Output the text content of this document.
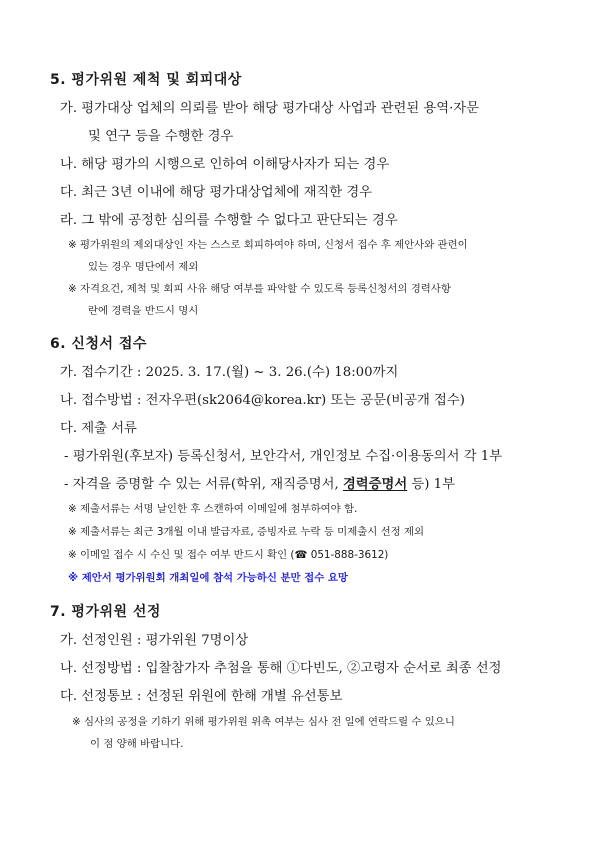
5. 평가위원 제척 및 회피대상
가. 평가대상 업체의 의뢰를 받아 해당 평가대상 사업과 관련된 용역·자문
및 연구 등을 수행한 경우
나. 해당 평가의 시행으로 인하여 이해당사자가 되는 경우
다. 최근 3년 이내에 해당 평가대상업체에 재직한 경우
라. 그 밖에 공정한 심의를 수행할 수 없다고 판단되는 경우
※ 평가위원의 제외대상인 자는 스스로 회피하여야 하며, 신청서 접수 후 제안사와 관련이
있는 경우 명단에서 제외
※ 자격요건, 제척 및 회피 사유 해당 여부를 파악할 수 있도록 등록신청서의 경력사항
란에 경력을 반드시 명시
6. 신청서 접수
가. 접수기간 : 2025. 3. 17.(월) ~ 3. 26.(수) 18:00까지
나. 접수방법 : 전자우편(sk2064@korea.kr) 또는 공문(비공개 접수)
다. 제출 서류
- 평가위원(후보자) 등록신청서, 보안각서, 개인정보 수집·이용동의서 각 1부
- 자격을 증명할 수 있는 서류(학위, 재직증명서, 경력증명서 등) 1부
※ 제출서류는 서명 날인한 후 스캔하여 이메일에 첨부하여야 함.
※ 제출서류는 최근 3개월 이내 발급자료, 증빙자료 누락 등 미제출시 선정 제외
※ 이메일 접수 시 수신 및 접수 여부 반드시 확인 (☎ 051-888-3612)
※ 제안서 평가위원회 개최일에 참석 가능하신 분만 접수 요망
7. 평가위원 선정
가. 선정인원 : 평가위원 7명이상
나. 선정방법 : 입찰참가자 추첨을 통해 ①다빈도, ②고령자 순서로 최종 선정
다. 선정통보 : 선정된 위원에 한해 개별 유선통보
※ 심사의 공정을 기하기 위해 평가위원 위촉 여부는 심사 전 일에 연락드릴 수 있으니
이 점 양해 바랍니다.
